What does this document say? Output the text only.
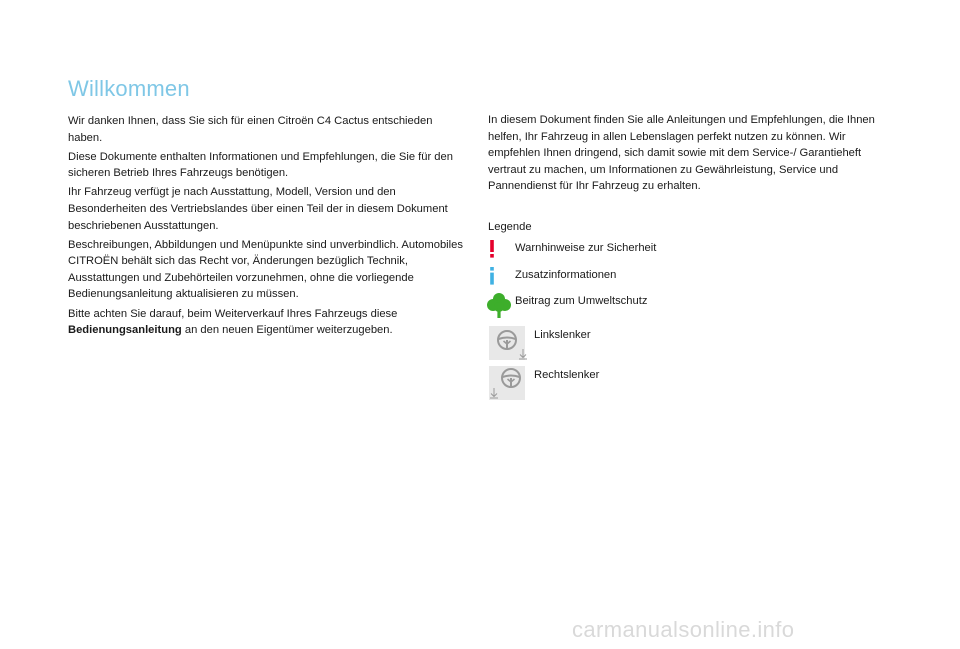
Willkommen

Wir danken Ihnen, dass Sie sich für einen Citroën C4 Cactus entschieden haben.

Diese Dokumente enthalten Informationen und Empfehlungen, die Sie für den sicheren Betrieb Ihres Fahrzeugs benötigen.

Ihr Fahrzeug verfügt je nach Ausstattung, Modell, Version und den Besonderheiten des Vertriebslandes über einen Teil der in diesem Dokument beschriebenen Ausstattungen.

Beschreibungen, Abbildungen und Menüpunkte sind unverbindlich. Automobiles CITROËN behält sich das Recht vor, Änderungen bezüglich Technik, Ausstattungen und Zubehörteilen vorzunehmen, ohne die vorliegende Bedienungsanleitung aktualisieren zu müssen.

Bitte achten Sie darauf, beim Weiterverkauf Ihres Fahrzeugs diese Bedienungsanleitung an den neuen Eigentümer weiterzugeben.

In diesem Dokument finden Sie alle Anleitungen und Empfehlungen, die Ihnen helfen, Ihr Fahrzeug in allen Lebenslagen perfekt nutzen zu können. Wir empfehlen Ihnen dringend, sich damit sowie mit dem Service-/ Garantieheft vertraut zu machen, um Informationen zu Gewährleistung, Service und Pannendienst für Ihr Fahrzeug zu erhalten.

Legende
Warnhinweise zur Sicherheit
Zusatzinformationen
Beitrag zum Umweltschutz
Linkslenker
Rechtslenker
carmanualsonline.info
